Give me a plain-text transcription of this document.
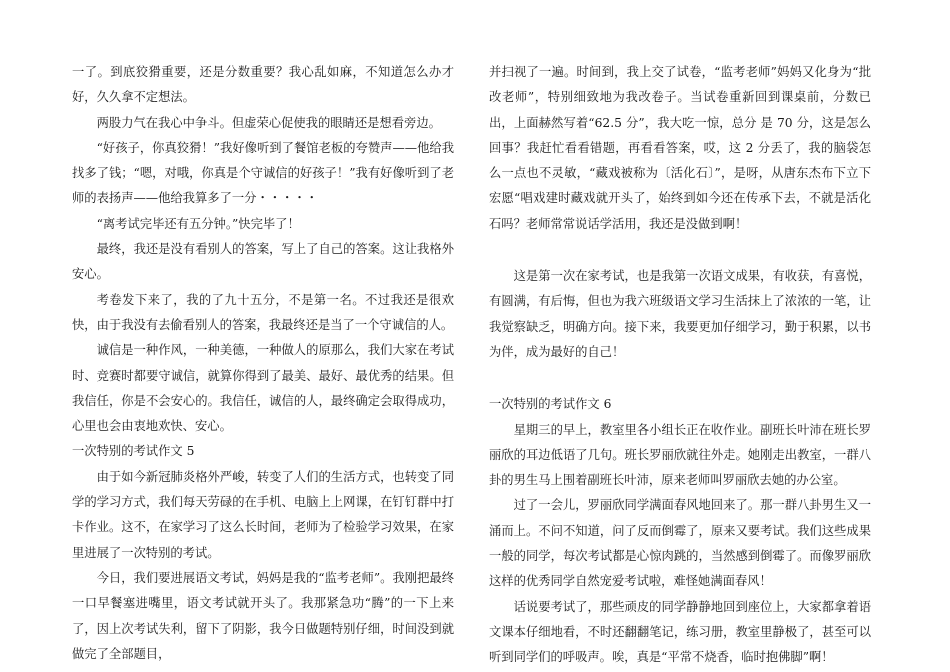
一了。到底狡猾重要，还是分数重要？我心乱如麻，不知道怎么办才好，久久拿不定想法。

两股力气在我心中争斗。但虚荣心促使我的眼睛还是想看旁边。

“好孩子，你真狡猾！”我好像听到了餐馆老板的夸赞声——他给我找多了钱；“嗯，对哦，你真是个守诚信的好孩子！”我有好像听到了老师的表扬声——他给我算多了一分・・・・・

“离考试完毕还有五分钟。”快完毕了！

最终，我还是没有看别人的答案，写上了自己的答案。这让我格外安心。

考卷发下来了，我的了九十五分，不是第一名。不过我还是很欢快，由于我没有去偷看别人的答案，我最终还是当了一个守诚信的人。

诚信是一种作风，一种美德，一种做人的原那么，我们大家在考试时、竞赛时都要守诚信，就算你得到了最美、最好、最优秀的结果。但我信任，你是不会安心的。我信任，诚信的人，最终确定会取得成功，心里也会由衷地欢快、安心。

一次特别的考试作文 5

由于如今新冠肺炎格外严峻，转变了人们的生活方式，也转变了同学的学习方式，我们每天劳碌的在手机、电脑上上网课，在钉钉群中打卡作业。这不，在家学习了这么长时间，老师为了检验学习效果，在家里进展了一次特别的考试。

今日，我们要进展语文考试，妈妈是我的“监考老师”。我刚把最终一口早餐塞进嘴里，语文考试就开头了。我那紧急功“腾”的一下上来了，因上次考试失利，留下了阴影，我今日做题特别仔细，时间没到就做完了全部题目，

并扫视了一遍。时间到，我上交了试卷，“监考老师”妈妈又化身为“批改老师”，特别细致地为我改卷子。当试卷重新回到课桌前，分数已出，上面赫然写着“62.5 分”，我大吃一惊，总分 是 70 分，这是怎么回事？我赶忙看看错题，再看看答案，哎，这 2 分丢了，我的脑袋怎么一点也不灵敏，“藏戏被称为〔活化石〕”，是呀，从唐东杰布下立下宏愿“唱戏建时藏戏就开头了，始终到如今还在传承下去，不就是活化石吗？老师常常说话学活用，我还是没做到啊！

这是第一次在家考试，也是我第一次语文成果，有收获，有喜悦，有圆满，有后悔，但也为我六班级语文学习生活抹上了浓浓的一笔，让我觉察缺乏，明确方向。接下来，我要更加仔细学习，勤于积累，以书为伴，成为最好的自己！

一次特别的考试作文 6

星期三的早上，教室里各小组长正在收作业。副班长叶沛在班长罗丽欣的耳边低语了几句。班长罗丽欣就往外走。她刚走出教室，一群八卦的男生马上围着副班长叶沛，原来老师叫罗丽欣去她的办公室。

过了一会儿，罗丽欣同学满面春风地回来了。那一群八卦男生又一涌而上。不问不知道，问了反而倒霉了，原来又要考试。我们这些成果一般的同学，每次考试都是心惊肉跳的，当然感到倒霉了。而像罗丽欣这样的优秀同学自然宠爱考试啦，难怪她满面春风！

话说要考试了，那些顽皮的同学静静地回到座位上，大家都拿着语文课本仔细地看，不时还翻翻笔记，练习册，教室里静极了，甚至可以听到同学们的呼吸声。唉，真是“平常不烧香，临时抱佛脚”啊！
